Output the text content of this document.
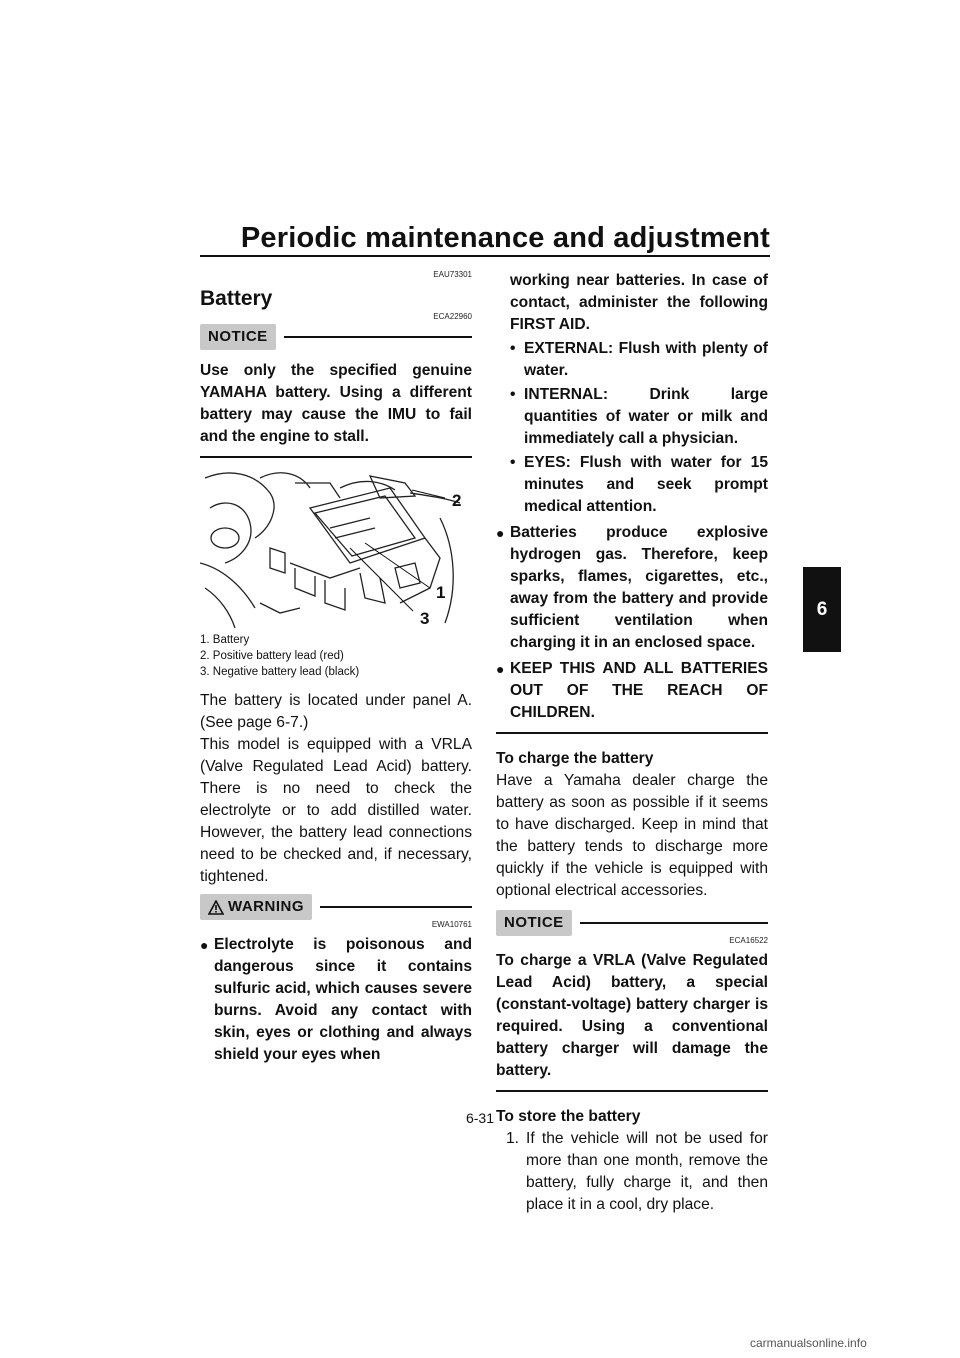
Periodic maintenance and adjustment
6
EAU73301
Battery
ECA22960
NOTICE
Use only the specified genuine YAMAHA battery. Using a different battery may cause the IMU to fail and the engine to stall.
2
1
3
1. Battery
2. Positive battery lead (red)
3. Negative battery lead (black)
The battery is located under panel A. (See page 6-7.)
This model is equipped with a VRLA (Valve Regulated Lead Acid) battery. There is no need to check the electrolyte or to add distilled water. However, the battery lead connections need to be checked and, if necessary, tightened.
WARNING
EWA10761
● Electrolyte is poisonous and dangerous since it contains sulfuric acid, which causes severe burns. Avoid any contact with skin, eyes or clothing and always shield your eyes when
working near batteries. In case of contact, administer the following FIRST AID.
• EXTERNAL: Flush with plenty of water.
• INTERNAL: Drink large quantities of water or milk and immediately call a physician.
• EYES: Flush with water for 15 minutes and seek prompt medical attention.
● Batteries produce explosive hydrogen gas. Therefore, keep sparks, flames, cigarettes, etc., away from the battery and provide sufficient ventilation when charging it in an enclosed space.
● KEEP THIS AND ALL BATTERIES OUT OF THE REACH OF CHILDREN.
To charge the battery
Have a Yamaha dealer charge the battery as soon as possible if it seems to have discharged. Keep in mind that the battery tends to discharge more quickly if the vehicle is equipped with optional electrical accessories.
NOTICE
ECA16522
To charge a VRLA (Valve Regulated Lead Acid) battery, a special (constant-voltage) battery charger is required. Using a conventional battery charger will damage the battery.
To store the battery
1. If the vehicle will not be used for more than one month, remove the battery, fully charge it, and then place it in a cool, dry place.
6-31
carmanualsonline.info
